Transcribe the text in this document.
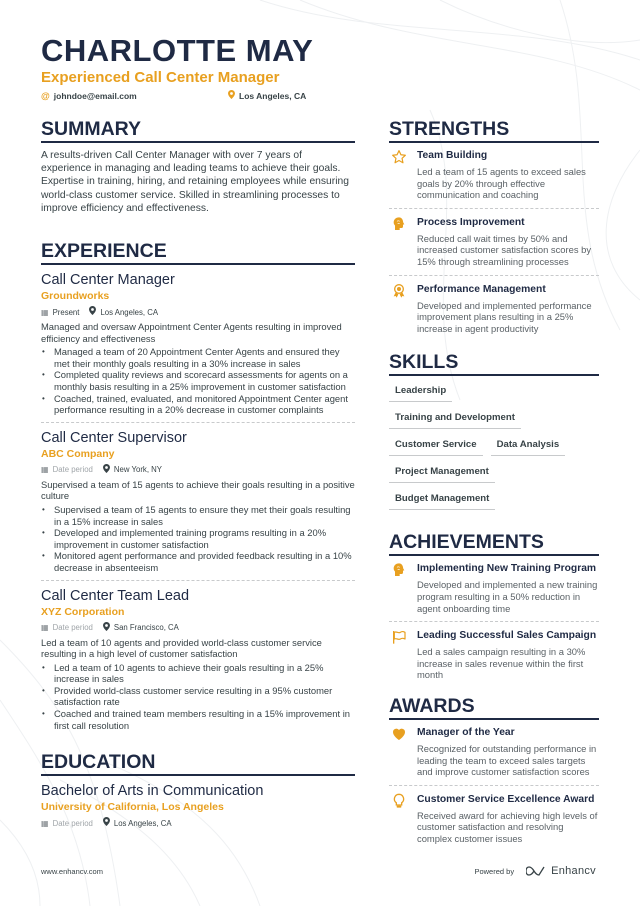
CHARLOTTE MAY
Experienced Call Center Manager
@ johndoe@email.com	Los Angeles, CA
SUMMARY
A results-driven Call Center Manager with over 7 years of experience in managing and leading teams to achieve their goals. Expertise in training, hiring, and retaining employees while ensuring world-class customer service. Skilled in streamlining processes to improve efficiency and effectiveness.
EXPERIENCE
Call Center Manager
Groundworks
▦ Present	Los Angeles, CA
Managed and oversaw Appointment Center Agents resulting in improved efficiency and effectiveness
• Managed a team of 20 Appointment Center Agents and ensured they met their monthly goals resulting in a 30% increase in sales
• Completed quality reviews and scorecard assessments for agents on a monthly basis resulting in a 25% improvement in customer satisfaction
• Coached, trained, evaluated, and monitored Appointment Center agent performance resulting in a 20% decrease in customer complaints
Call Center Supervisor
ABC Company
▦ Date period	New York, NY
Supervised a team of 15 agents to achieve their goals resulting in a positive culture
• Supervised a team of 15 agents to ensure they met their goals resulting in a 15% increase in sales
• Developed and implemented training programs resulting in a 20% improvement in customer satisfaction
• Monitored agent performance and provided feedback resulting in a 10% decrease in absenteeism
Call Center Team Lead
XYZ Corporation
▦ Date period	San Francisco, CA
Led a team of 10 agents and provided world-class customer service resulting in a high level of customer satisfaction
• Led a team of 10 agents to achieve their goals resulting in a 25% increase in sales
• Provided world-class customer service resulting in a 95% customer satisfaction rate
• Coached and trained team members resulting in a 15% improvement in first call resolution
EDUCATION
Bachelor of Arts in Communication
University of California, Los Angeles
▦ Date period	Los Angeles, CA
STRENGTHS
Team Building
Led a team of 15 agents to exceed sales goals by 20% through effective communication and coaching
Process Improvement
Reduced call wait times by 50% and increased customer satisfaction scores by 15% through streamlining processes
Performance Management
Developed and implemented performance improvement plans resulting in a 25% increase in agent productivity
SKILLS
Leadership
Training and Development
Customer Service	Data Analysis
Project Management
Budget Management
ACHIEVEMENTS
Implementing New Training Program
Developed and implemented a new training program resulting in a 50% reduction in agent onboarding time
Leading Successful Sales Campaign
Led a sales campaign resulting in a 30% increase in sales revenue within the first month
AWARDS
Manager of the Year
Recognized for outstanding performance in leading the team to exceed sales targets and improve customer satisfaction scores
Customer Service Excellence Award
Received award for achieving high levels of customer satisfaction and resolving complex customer issues
www.enhancv.com	Powered by	Enhancv
